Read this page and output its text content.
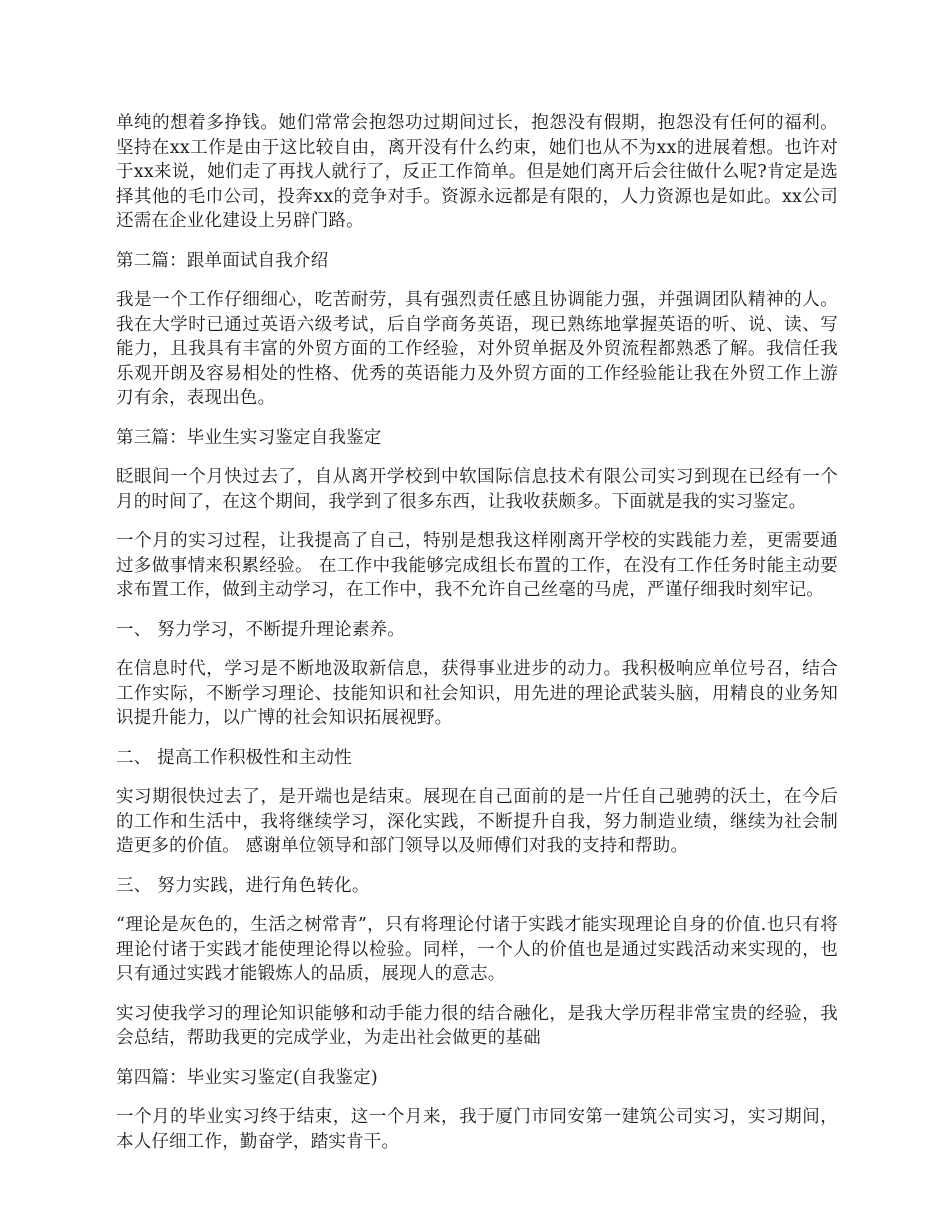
单纯的想着多挣钱。她们常常会抱怨功过期间过长，抱怨没有假期，抱怨没有任何的福利。坚持在xx工作是由于这比较自由，离开没有什么约束，她们也从不为xx的进展着想。也许对于xx来说，她们走了再找人就行了，反正工作简单。但是她们离开后会往做什么呢?肯定是选择其他的毛巾公司，投奔xx的竞争对手。资源永远都是有限的，人力资源也是如此。xx公司还需在企业化建设上另辟门路。

第二篇：跟单面试自我介绍

我是一个工作仔细细心，吃苦耐劳，具有强烈责任感且协调能力强，并强调团队精神的人。我在大学时已通过英语六级考试，后自学商务英语，现已熟练地掌握英语的听、说、读、写能力，且我具有丰富的外贸方面的工作经验，对外贸单据及外贸流程都熟悉了解。我信任我乐观开朗及容易相处的性格、优秀的英语能力及外贸方面的工作经验能让我在外贸工作上游刃有余，表现出色。

第三篇：毕业生实习鉴定自我鉴定

眨眼间一个月快过去了，自从离开学校到中软国际信息技术有限公司实习到现在已经有一个月的时间了，在这个期间，我学到了很多东西，让我收获颇多。下面就是我的实习鉴定。

一个月的实习过程，让我提高了自己，特别是想我这样刚离开学校的实践能力差，更需要通过多做事情来积累经验。 在工作中我能够完成组长布置的工作，在没有工作任务时能主动要求布置工作，做到主动学习，在工作中，我不允许自己丝毫的马虎，严谨仔细我时刻牢记。

一、 努力学习，不断提升理论素养。

在信息时代，学习是不断地汲取新信息，获得事业进步的动力。我积极响应单位号召，结合工作实际，不断学习理论、技能知识和社会知识，用先进的理论武装头脑，用精良的业务知识提升能力，以广博的社会知识拓展视野。

二、 提高工作积极性和主动性

实习期很快过去了，是开端也是结束。展现在自己面前的是一片任自己驰骋的沃土，在今后的工作和生活中，我将继续学习，深化实践，不断提升自我，努力制造业绩，继续为社会制造更多的价值。 感谢单位领导和部门领导以及师傅们对我的支持和帮助。

三、 努力实践，进行角色转化。

“理论是灰色的，生活之树常青”，只有将理论付诸于实践才能实现理论自身的价值.也只有将理论付诸于实践才能使理论得以检验。同样，一个人的价值也是通过实践活动来实现的，也只有通过实践才能锻炼人的品质，展现人的意志。

实习使我学习的理论知识能够和动手能力很的结合融化，是我大学历程非常宝贵的经验，我会总结，帮助我更的完成学业，为走出社会做更的基础

第四篇：毕业实习鉴定(自我鉴定)

一个月的毕业实习终于结束，这一个月来，我于厦门市同安第一建筑公司实习，实习期间，本人仔细工作，勤奋学，踏实肯干。
